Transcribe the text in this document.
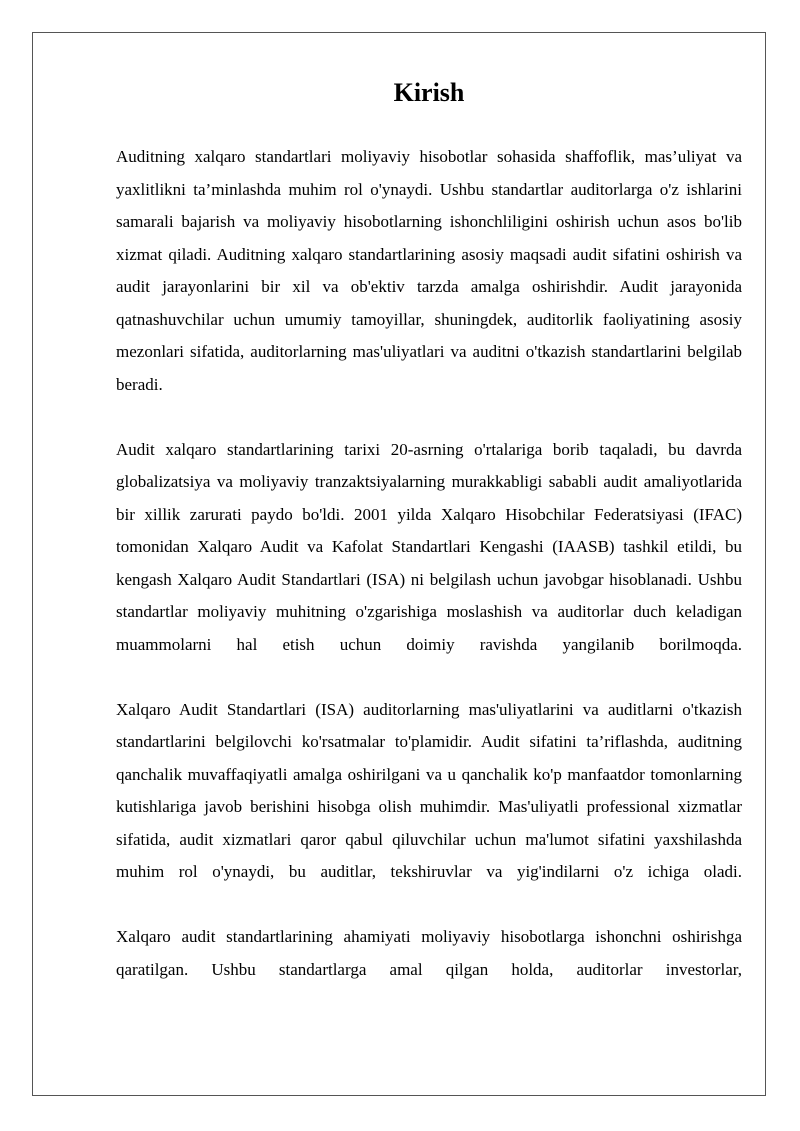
Kirish

Auditning xalqaro standartlari moliyaviy hisobotlar sohasida shaffoflik, mas’uliyat va yaxlitlikni ta’minlashda muhim rol o'ynaydi. Ushbu standartlar auditorlarga o'z ishlarini samarali bajarish va moliyaviy hisobotlarning ishonchliligini oshirish uchun asos bo'lib xizmat qiladi. Auditning xalqaro standartlarining asosiy maqsadi audit sifatini oshirish va audit jarayonlarini bir xil va ob'ektiv tarzda amalga oshirishdir. Audit jarayonida qatnashuvchilar uchun umumiy tamoyillar, shuningdek, auditorlik faoliyatining asosiy mezonlari sifatida, auditorlarning mas'uliyatlari va auditni o'tkazish standartlarini belgilab beradi.

Audit xalqaro standartlarining tarixi 20-asrning o'rtalariga borib taqaladi, bu davrda globalizatsiya va moliyaviy tranzaktsiyalarning murakkabligi sababli audit amaliyotlarida bir xillik zarurati paydo bo'ldi. 2001 yilda Xalqaro Hisobchilar Federatsiyasi (IFAC) tomonidan Xalqaro Audit va Kafolat Standartlari Kengashi (IAASB) tashkil etildi, bu kengash Xalqaro Audit Standartlari (ISA) ni belgilash uchun javobgar hisoblanadi. Ushbu standartlar moliyaviy muhitning o'zgarishiga moslashish va auditorlar duch keladigan muammolarni hal etish uchun doimiy ravishda yangilanib borilmoqda.

Xalqaro Audit Standartlari (ISA) auditorlarning mas'uliyatlarini va auditlarni o'tkazish standartlarini belgilovchi ko'rsatmalar to'plamidir. Audit sifatini ta’riflashda, auditning qanchalik muvaffaqiyatli amalga oshirilgani va u qanchalik ko'p manfaatdor tomonlarning kutishlariga javob berishini hisobga olish muhimdir. Mas'uliyatli professional xizmatlar sifatida, audit xizmatlari qaror qabul qiluvchilar uchun ma'lumot sifatini yaxshilashda muhim rol o'ynaydi, bu auditlar, tekshiruvlar va yig'indilarni o'z ichiga oladi.

Xalqaro audit standartlarining ahamiyati moliyaviy hisobotlarga ishonchni oshirishga qaratilgan. Ushbu standartlarga amal qilgan holda, auditorlar investorlar,
